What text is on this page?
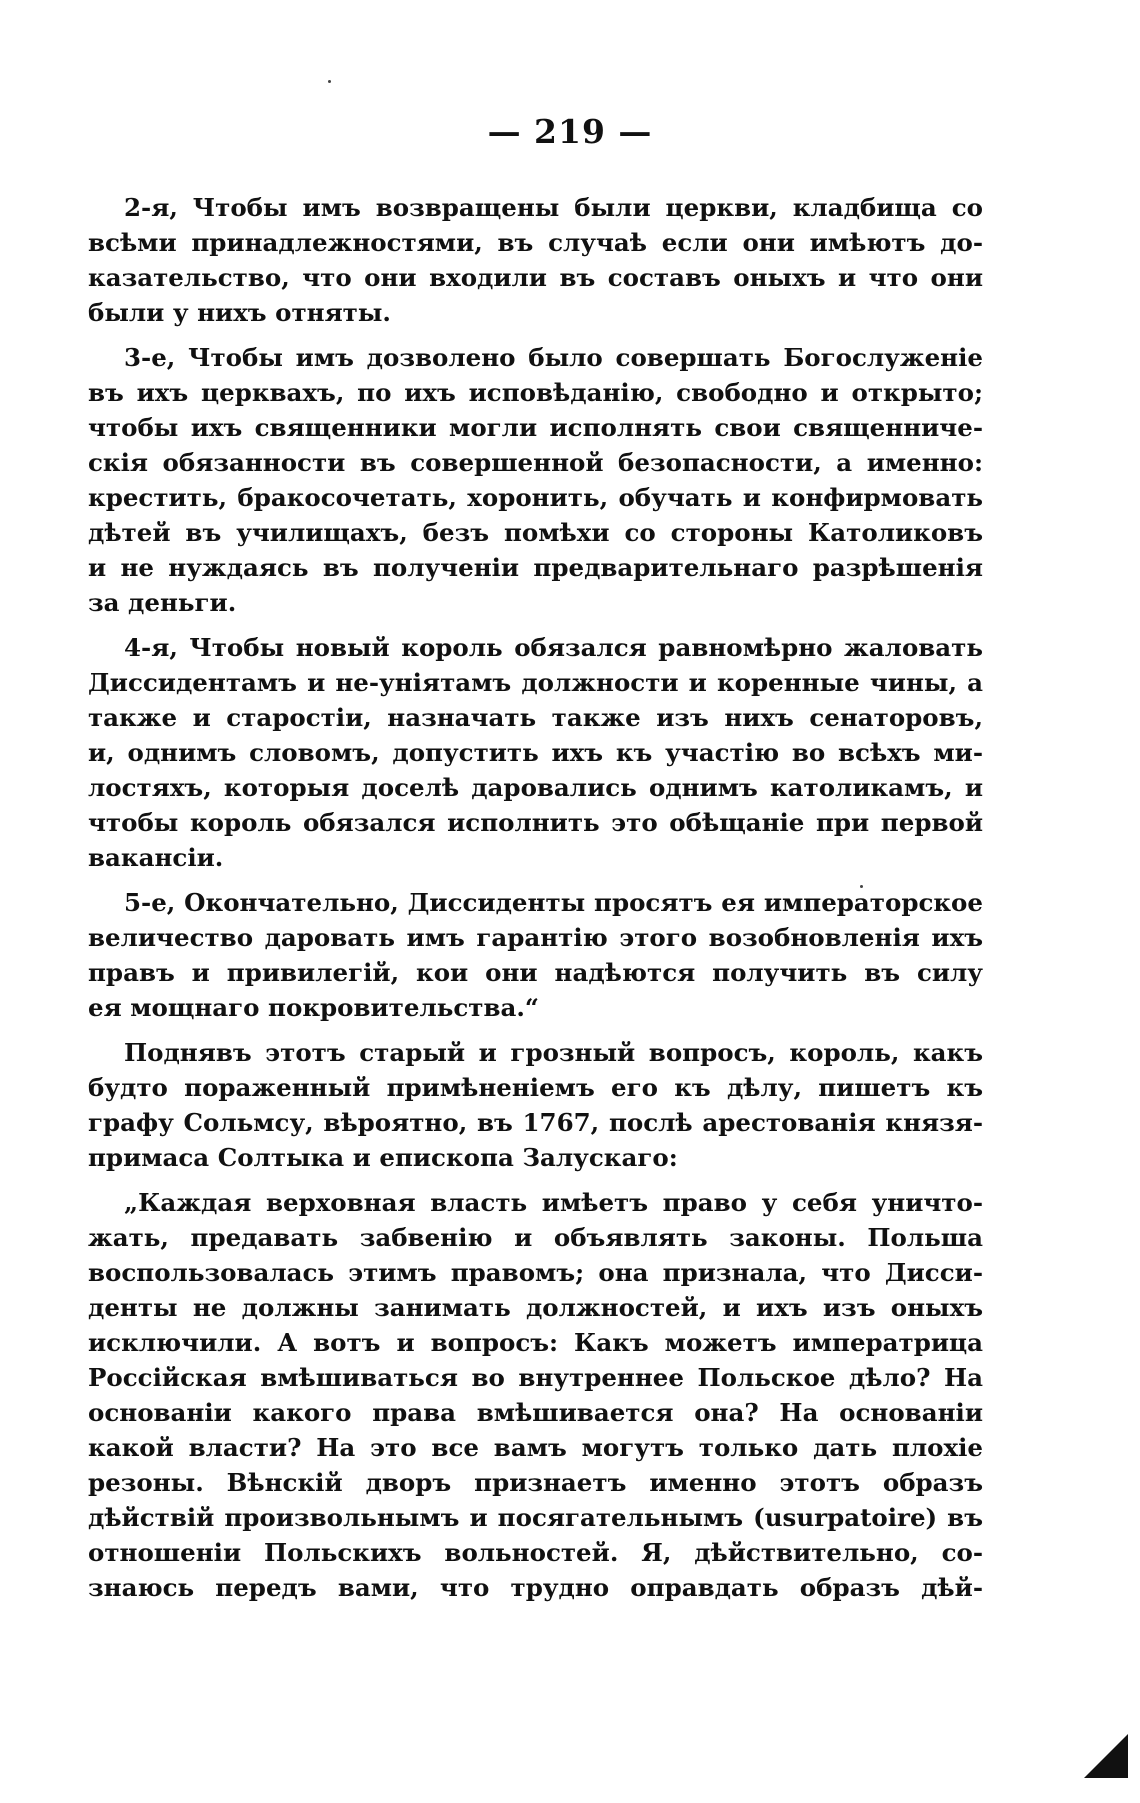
— 219 —

2-я, Чтобы имъ возвращены были церкви, кладбища со
всѣми принадлежностями, въ случаѣ если они имѣютъ до-
казательство, что они входили въ составъ оныхъ и что они
были у нихъ отняты.

3-е, Чтобы имъ дозволено было совершать Богослуженіе
въ ихъ церквахъ, по ихъ исповѣданію, свободно и открыто;
чтобы ихъ священники могли исполнять свои священниче-
скія обязанности въ совершенной безопасности, а именно:
крестить, бракосочетать, хоронить, обучать и конфирмовать
дѣтей въ училищахъ, безъ помѣхи со стороны Католиковъ
и не нуждаясь въ полученіи предварительнаго разрѣшенія
за деньги.

4-я, Чтобы новый король обязался равномѣрно жаловать
Диссидентамъ и не-уніятамъ должности и коренные чины, а
также и старостіи, назначать также изъ нихъ сенаторовъ,
и, однимъ словомъ, допустить ихъ къ участію во всѣхъ ми-
лостяхъ, которыя доселѣ даровались однимъ католикамъ, и
чтобы король обязался исполнить это обѣщаніе при первой
вакансіи.

5-е, Окончательно, Диссиденты просятъ ея императорское
величество даровать имъ гарантію этого возобновленія ихъ
правъ и привилегій, кои они надѣются получить въ силу
ея мощнаго покровительства.“

Поднявъ этотъ старый и грозный вопросъ, король, какъ
будто пораженный примѣненіемъ его къ дѣлу, пишетъ къ
графу Сольмсу, вѣроятно, въ 1767, послѣ арестованія князя-
примаса Солтыка и епископа Залускаго:

„Каждая верховная власть имѣетъ право у себя уничто-
жать, предавать забвенію и объявлять законы. Польша
воспользовалась этимъ правомъ; она признала, что Дисси-
денты не должны занимать должностей, и ихъ изъ оныхъ
исключили. А вотъ и вопросъ: Какъ можетъ императрица
Россійская вмѣшиваться во внутреннее Польское дѣло? На
основаніи какого права вмѣшивается она? На основаніи
какой власти? На это все вамъ могутъ только дать плохіе
резоны. Вѣнскій дворъ признаетъ именно этотъ образъ
дѣйствій произвольнымъ и посягательнымъ (usurpatoire) въ
отношеніи Польскихъ вольностей. Я, дѣйствительно, со-
знаюсь передъ вами, что трудно оправдать образъ дѣй-
